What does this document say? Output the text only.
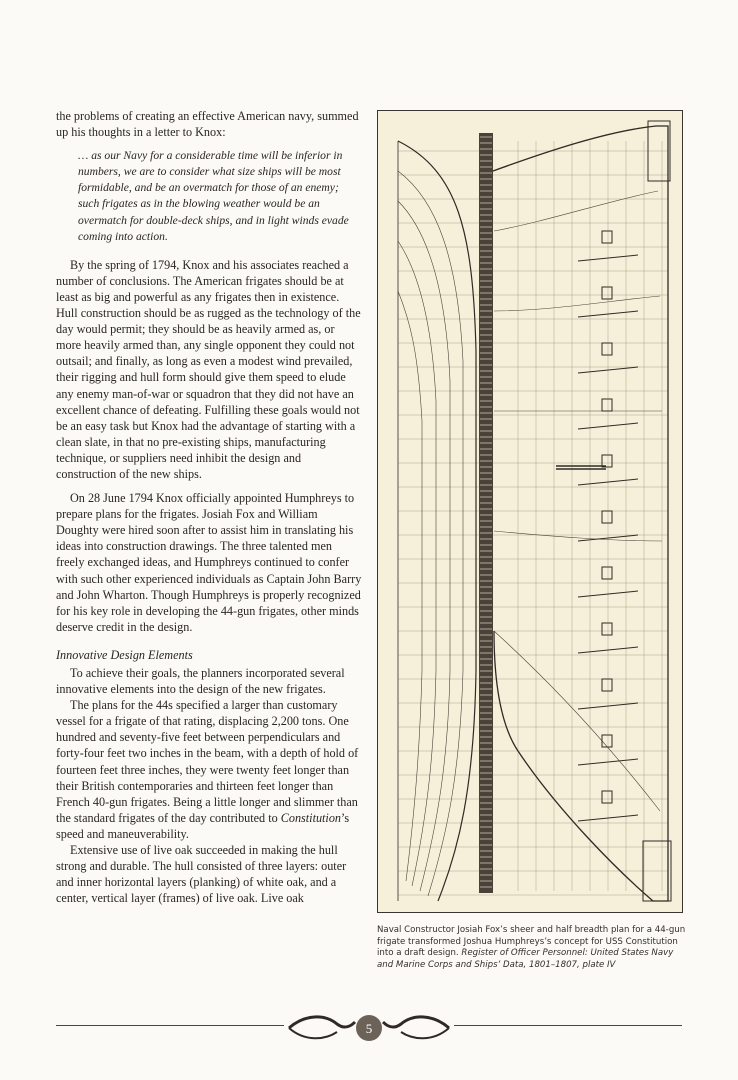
the problems of creating an effective American navy, summed up his thoughts in a letter to Knox:

… as our Navy for a considerable time will be inferior in numbers, we are to consider what size ships will be most formidable, and be an overmatch for those of an enemy; such frigates as in the blowing weather would be an overmatch for double-deck ships, and in light winds evade coming into action.

By the spring of 1794, Knox and his associates reached a number of conclusions. The American frigates should be at least as big and powerful as any frigates then in existence. Hull construction should be as rugged as the technology of the day would permit; they should be as heavily armed as, or more heavily armed than, any single opponent they could not outsail; and finally, as long as even a modest wind prevailed, their rigging and hull form should give them speed to elude any enemy man-of-war or squadron that they did not have an excellent chance of defeating. Fulfilling these goals would not be an easy task but Knox had the advantage of starting with a clean slate, in that no pre-existing ships, manufacturing technique, or suppliers need inhibit the design and construction of the new ships.

On 28 June 1794 Knox officially appointed Humphreys to prepare plans for the frigates. Josiah Fox and William Doughty were hired soon after to assist him in translating his ideas into construction drawings. The three talented men freely exchanged ideas, and Humphreys continued to confer with such other experienced individuals as Captain John Barry and John Wharton. Though Humphreys is properly recognized for his key role in developing the 44-gun frigates, other minds deserve credit in the design.

Innovative Design Elements

To achieve their goals, the planners incorporated several innovative elements into the design of the new frigates.

The plans for the 44s specified a larger than customary vessel for a frigate of that rating, displacing 2,200 tons. One hundred and seventy-five feet between perpendiculars and forty-four feet two inches in the beam, with a depth of hold of fourteen feet three inches, they were twenty feet longer than their British contemporaries and thirteen feet longer than French 40-gun frigates. Being a little longer and slimmer than the standard frigates of the day contributed to Constitution’s speed and maneuverability.

Extensive use of live oak succeeded in making the hull strong and durable. The hull consisted of three layers: outer and inner horizontal layers (planking) of white oak, and a center, vertical layer (frames) of live oak. Live oak

Naval Constructor Josiah Fox’s sheer and half breadth plan for a 44-gun frigate transformed Joshua Humphreys’s concept for USS Constitution into a draft design. Register of Officer Personnel: United States Navy and Marine Corps and Ships’ Data, 1801–1807, plate IV
5
